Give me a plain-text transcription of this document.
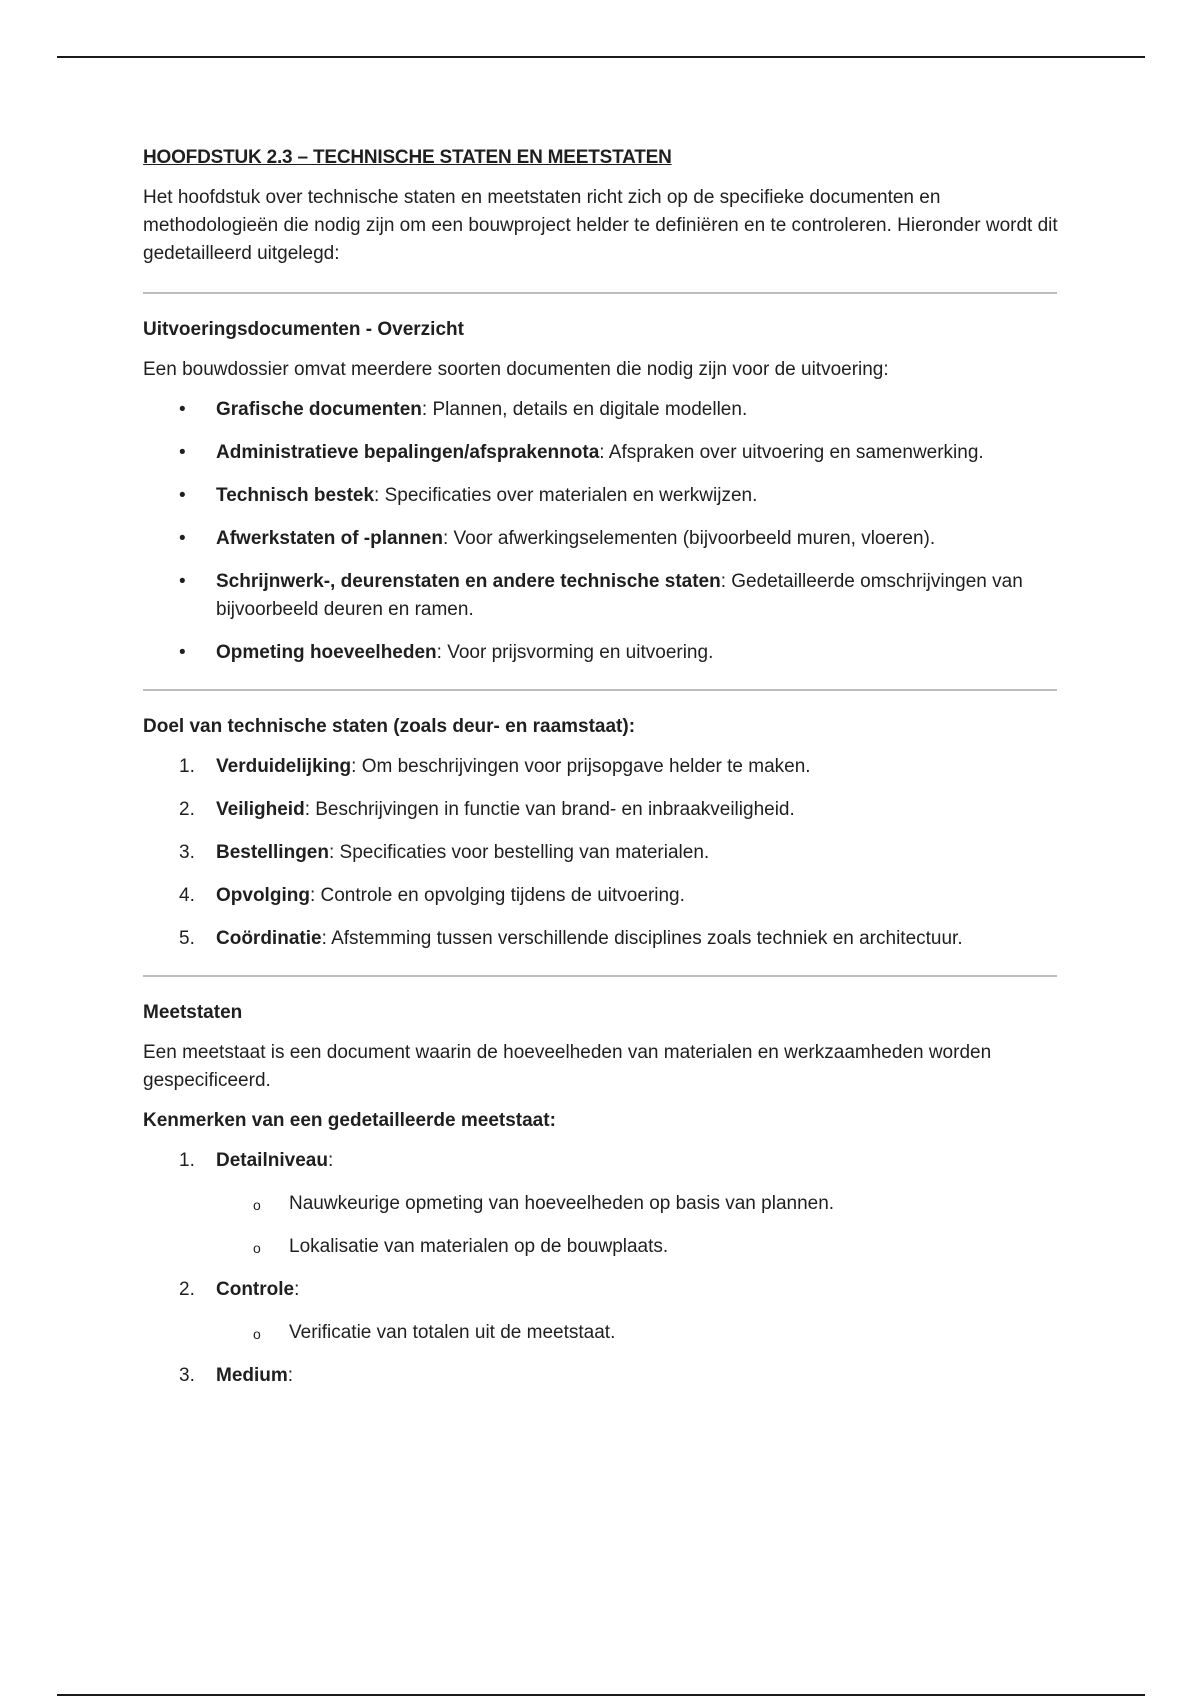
HOOFDSTUK 2.3 – TECHNISCHE STATEN EN MEETSTATEN

Het hoofdstuk over technische staten en meetstaten richt zich op de specifieke documenten en methodologieën die nodig zijn om een bouwproject helder te definiëren en te controleren. Hieronder wordt dit gedetailleerd uitgelegd:

Uitvoeringsdocumenten - Overzicht

Een bouwdossier omvat meerdere soorten documenten die nodig zijn voor de uitvoering:

• Grafische documenten: Plannen, details en digitale modellen.
• Administratieve bepalingen/afsprakennota: Afspraken over uitvoering en samenwerking.
• Technisch bestek: Specificaties over materialen en werkwijzen.
• Afwerkstaten of -plannen: Voor afwerkingselementen (bijvoorbeeld muren, vloeren).
• Schrijnwerk-, deurenstaten en andere technische staten: Gedetailleerde omschrijvingen van bijvoorbeeld deuren en ramen.
• Opmeting hoeveelheden: Voor prijsvorming en uitvoering.
Doel van technische staten (zoals deur- en raamstaat):
1. Verduidelijking: Om beschrijvingen voor prijsopgave helder te maken.
2. Veiligheid: Beschrijvingen in functie van brand- en inbraakveiligheid.
3. Bestellingen: Specificaties voor bestelling van materialen.
4. Opvolging: Controle en opvolging tijdens de uitvoering.
5. Coördinatie: Afstemming tussen verschillende disciplines zoals techniek en architectuur.
Meetstaten

Een meetstaat is een document waarin de hoeveelheden van materialen en werkzaamheden worden gespecificeerd.

Kenmerken van een gedetailleerde meetstaat:
1. Detailniveau:
o Nauwkeurige opmeting van hoeveelheden op basis van plannen.
o Lokalisatie van materialen op de bouwplaats.
2. Controle:
o Verificatie van totalen uit de meetstaat.
3. Medium:
